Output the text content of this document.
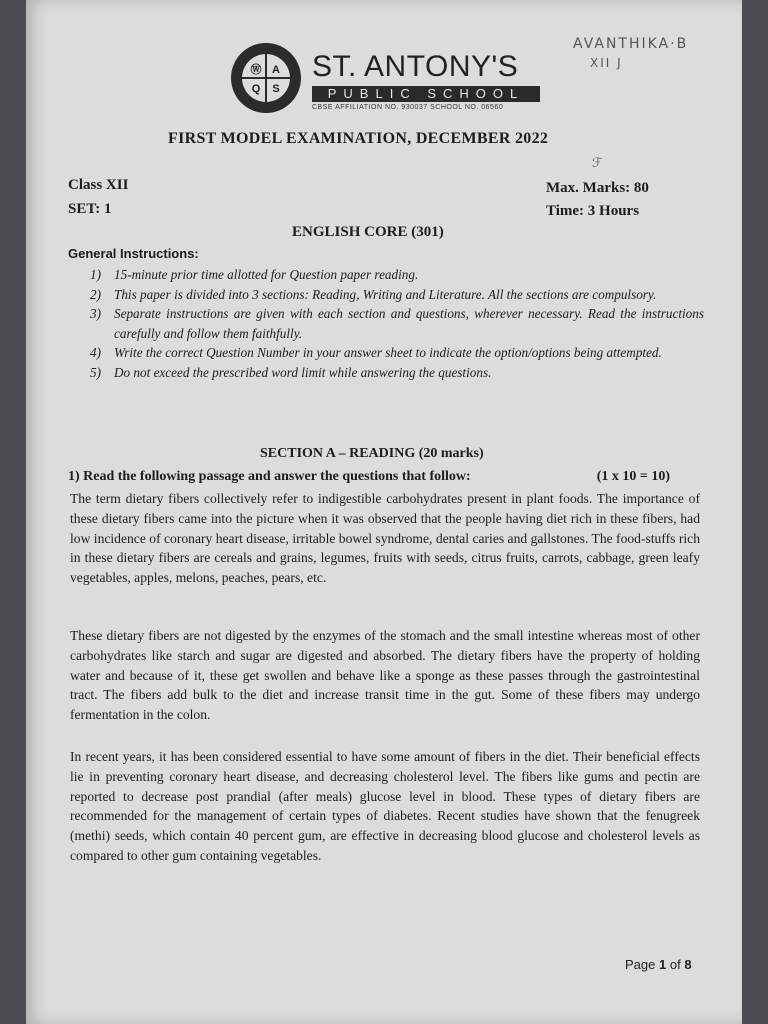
Ⓦ A
Q S
ST. ANTONY'S
PUBLIC SCHOOL
CBSE AFFILIATION NO. 930037 SCHOOL NO. 06560
AVANTHIKA·B
XII J
ℱ
FIRST MODEL EXAMINATION, DECEMBER 2022
Class XII
SET: 1
Max. Marks: 80
Time: 3 Hours
ENGLISH CORE (301)
General Instructions:
1) 15-minute prior time allotted for Question paper reading.
2) This paper is divided into 3 sections: Reading, Writing and Literature. All the sections are compulsory.
3) Separate instructions are given with each section and questions, wherever necessary. Read the instructions carefully and follow them faithfully.
4) Write the correct Question Number in your answer sheet to indicate the option/options being attempted.
5) Do not exceed the prescribed word limit while answering the questions.
SECTION A – READING (20 marks)
1) Read the following passage and answer the questions that follow:	(1 x 10 = 10)

The term dietary fibers collectively refer to indigestible carbohydrates present in plant foods. The importance of these dietary fibers came into the picture when it was observed that the people having diet rich in these fibers, had low incidence of coronary heart disease, irritable bowel syndrome, dental caries and gallstones. The food-stuffs rich in these dietary fibers are cereals and grains, legumes, fruits with seeds, citrus fruits, carrots, cabbage, green leafy vegetables, apples, melons, peaches, pears, etc.

These dietary fibers are not digested by the enzymes of the stomach and the small intestine whereas most of other carbohydrates like starch and sugar are digested and absorbed. The dietary fibers have the property of holding water and because of it, these get swollen and behave like a sponge as these passes through the gastrointestinal tract. The fibers add bulk to the diet and increase transit time in the gut. Some of these fibers may undergo fermentation in the colon.

In recent years, it has been considered essential to have some amount of fibers in the diet. Their beneficial effects lie in preventing coronary heart disease, and decreasing cholesterol level. The fibers like gums and pectin are reported to decrease post prandial (after meals) glucose level in blood. These types of dietary fibers are recommended for the management of certain types of diabetes. Recent studies have shown that the fenugreek (methi) seeds, which contain 40 percent gum, are effective in decreasing blood glucose and cholesterol levels as compared to other gum containing vegetables.

Page 1 of 8
